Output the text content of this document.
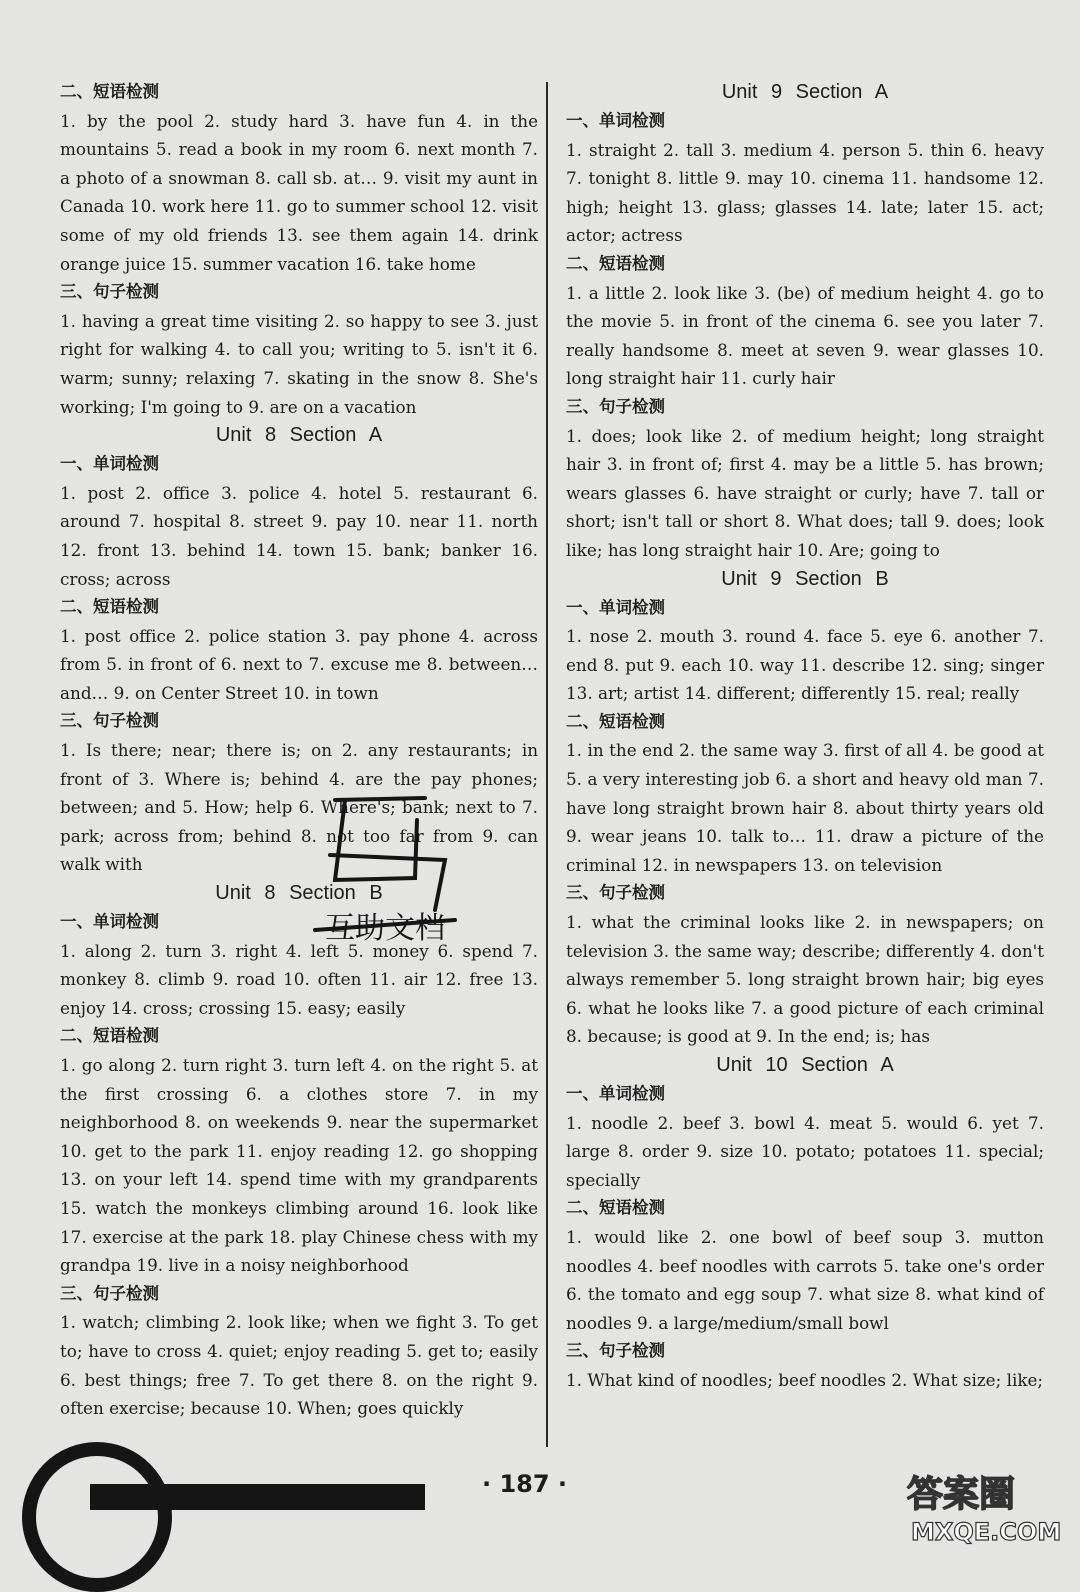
二、短语检测

1. by the pool 2. study hard 3. have fun 4. in the mountains 5. read a book in my room 6. next month 7. a photo of a snowman 8. call sb. at… 9. visit my aunt in Canada 10. work here 11. go to summer school 12. visit some of my old friends 13. see them again 14. drink orange juice 15. summer vacation 16. take home

三、句子检测

1. having a great time visiting 2. so happy to see 3. just right for walking 4. to call you; writing to 5. isn't it 6. warm; sunny; relaxing 7. skating in the snow 8. She's working; I'm going to 9. are on a vacation

Unit 8 Section A

一、单词检测

1. post 2. office 3. police 4. hotel 5. restaurant 6. around 7. hospital 8. street 9. pay 10. near 11. north 12. front 13. behind 14. town 15. bank; banker 16. cross; across

二、短语检测

1. post office 2. police station 3. pay phone 4. across from 5. in front of 6. next to 7. excuse me 8. between… and… 9. on Center Street 10. in town

三、句子检测

1. Is there; near; there is; on 2. any restaurants; in front of 3. Where is; behind 4. are the pay phones; between; and 5. How; help 6. Where's; bank; next to 7. park; across from; behind 8. not too far from 9. can walk with

Unit 8 Section B

一、单词检测

1. along 2. turn 3. right 4. left 5. money 6. spend 7. monkey 8. climb 9. road 10. often 11. air 12. free 13. enjoy 14. cross; crossing 15. easy; easily

二、短语检测

1. go along 2. turn right 3. turn left 4. on the right 5. at the first crossing 6. a clothes store 7. in my neighborhood 8. on weekends 9. near the supermarket 10. get to the park 11. enjoy reading 12. go shopping 13. on your left 14. spend time with my grandparents 15. watch the monkeys climbing around 16. look like 17. exercise at the park 18. play Chinese chess with my grandpa 19. live in a noisy neighborhood

三、句子检测

1. watch; climbing 2. look like; when we fight 3. To get to; have to cross 4. quiet; enjoy reading 5. get to; easily 6. best things; free 7. To get there 8. on the right 9. often exercise; because 10. When; goes quickly

Unit 9 Section A

一、单词检测

1. straight 2. tall 3. medium 4. person 5. thin 6. heavy 7. tonight 8. little 9. may 10. cinema 11. handsome 12. high; height 13. glass; glasses 14. late; later 15. act; actor; actress

二、短语检测

1. a little 2. look like 3. (be) of medium height 4. go to the movie 5. in front of the cinema 6. see you later 7. really handsome 8. meet at seven 9. wear glasses 10. long straight hair 11. curly hair

三、句子检测

1. does; look like 2. of medium height; long straight hair 3. in front of; first 4. may be a little 5. has brown; wears glasses 6. have straight or curly; have 7. tall or short; isn't tall or short 8. What does; tall 9. does; look like; has long straight hair 10. Are; going to

Unit 9 Section B

一、单词检测

1. nose 2. mouth 3. round 4. face 5. eye 6. another 7. end 8. put 9. each 10. way 11. describe 12. sing; singer 13. art; artist 14. different; differently 15. real; really

二、短语检测

1. in the end 2. the same way 3. first of all 4. be good at 5. a very interesting job 6. a short and heavy old man 7. have long straight brown hair 8. about thirty years old 9. wear jeans 10. talk to… 11. draw a picture of the criminal 12. in newspapers 13. on television

三、句子检测

1. what the criminal looks like 2. in newspapers; on television 3. the same way; describe; differently 4. don't always remember 5. long straight brown hair; big eyes 6. what he looks like 7. a good picture of each criminal 8. because; is good at 9. In the end; is; has

Unit 10 Section A

一、单词检测

1. noodle 2. beef 3. bowl 4. meat 5. would 6. yet 7. large 8. order 9. size 10. potato; potatoes 11. special; specially

二、短语检测

1. would like 2. one bowl of beef soup 3. mutton noodles 4. beef noodles with carrots 5. take one's order 6. the tomato and egg soup 7. what size 8. what kind of noodles 9. a large/medium/small bowl

三、句子检测

1. What kind of noodles; beef noodles 2. What size; like;

互助文档
· 187 ·	答案圈
MXQE.COM
